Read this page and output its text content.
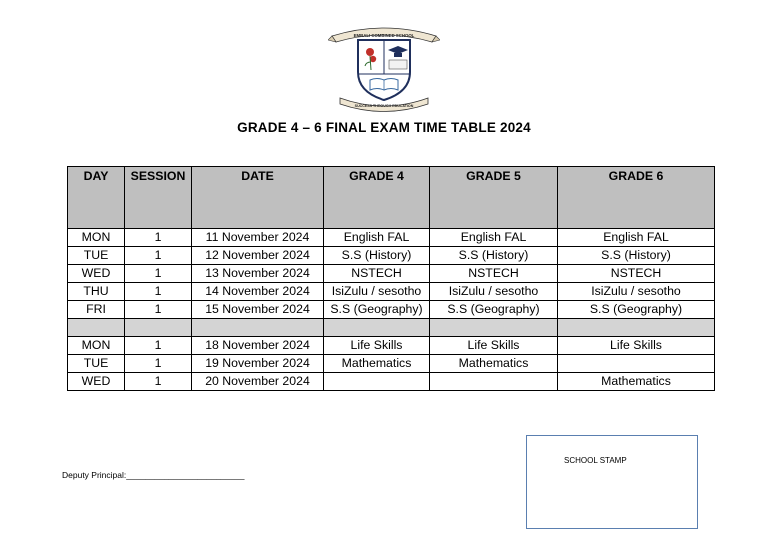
EMBALI COMBINED SCHOOL
SUCCESS THROUGH EDUCATION
GRADE 4 – 6 FINAL EXAM TIME TABLE 2024
DAY	SESSION	DATE	GRADE 4	GRADE 5	GRADE 6
MON	1	11 November 2024	English FAL	English FAL	English FAL
TUE	1	12 November 2024	S.S (History)	S.S (History)	S.S (History)
WED	1	13 November 2024	NSTECH	NSTECH	NSTECH
THU	1	14 November 2024	IsiZulu / sesotho	IsiZulu / sesotho	IsiZulu / sesotho
FRI	1	15 November 2024	S.S (Geography)	S.S (Geography)	S.S (Geography)

MON	1	18 November 2024	Life Skills	Life Skills	Life Skills
TUE	1	19 November 2024	Mathematics	Mathematics	
WED	1	20 November 2024			Mathematics
Deputy Principal:_________________________
SCHOOL STAMP
